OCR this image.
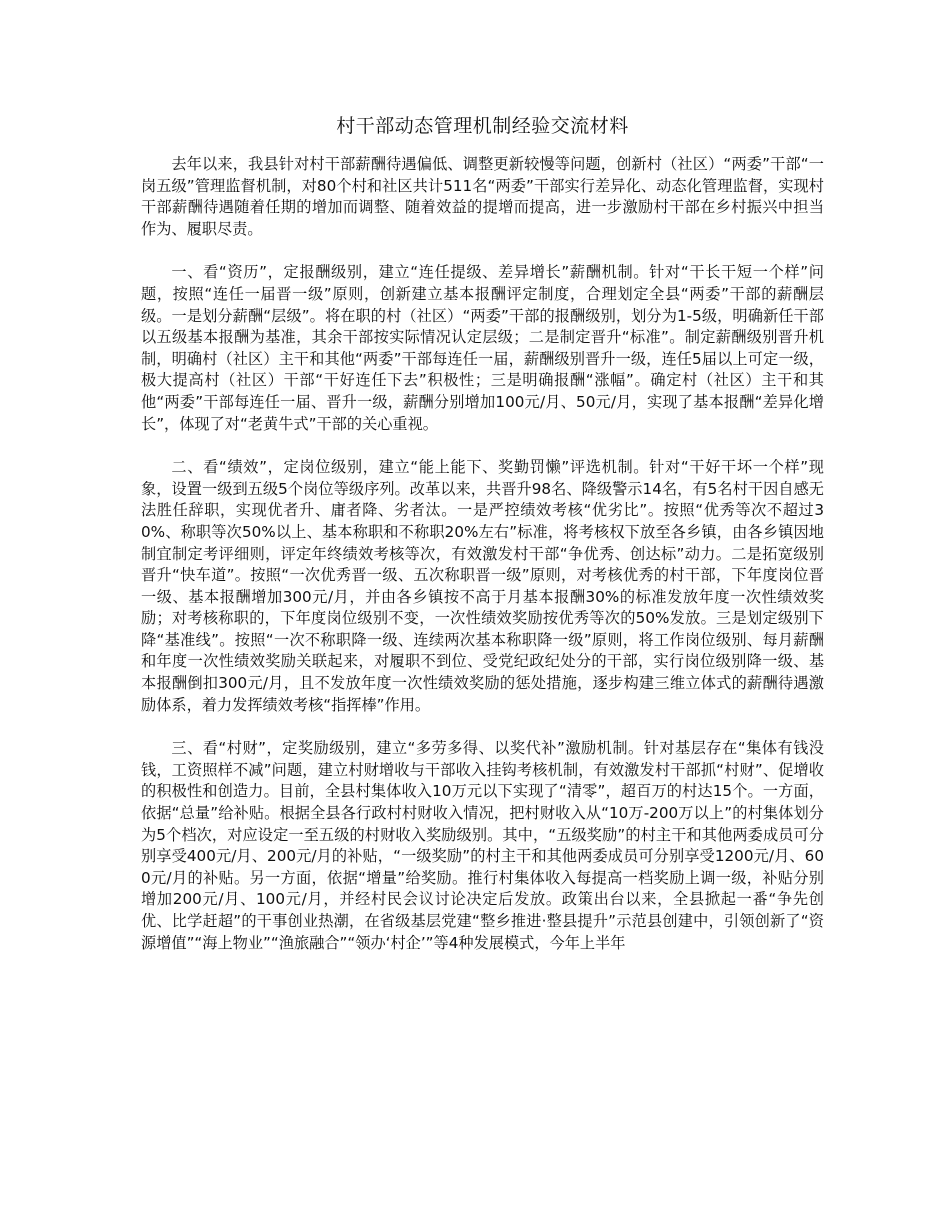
村干部动态管理机制经验交流材料

去年以来，我县针对村干部薪酬待遇偏低、调整更新较慢等问题，创新村（社区）“两委”干部“一岗五级”管理监督机制，对80个村和社区共计511名“两委”干部实行差异化、动态化管理监督，实现村干部薪酬待遇随着任期的增加而调整、随着效益的提增而提高，进一步激励村干部在乡村振兴中担当作为、履职尽责。

一、看“资历”，定报酬级别，建立“连任提级、差异增长”薪酬机制。针对“干长干短一个样”问题，按照“连任一届晋一级”原则，创新建立基本报酬评定制度，合理划定全县“两委”干部的薪酬层级。一是划分薪酬“层级”。将在职的村（社区）“两委”干部的报酬级别，划分为1-5级，明确新任干部以五级基本报酬为基准，其余干部按实际情况认定层级；二是制定晋升“标准”。制定薪酬级别晋升机制，明确村（社区）主干和其他“两委”干部每连任一届，薪酬级别晋升一级，连任5届以上可定一级，极大提高村（社区）干部“干好连任下去”积极性；三是明确报酬“涨幅”。确定村（社区）主干和其他“两委”干部每连任一届、晋升一级，薪酬分别增加100元/月、50元/月，实现了基本报酬“差异化增长”，体现了对“老黄牛式”干部的关心重视。

二、看“绩效”，定岗位级别，建立“能上能下、奖勤罚懒”评选机制。针对“干好干坏一个样”现象，设置一级到五级5个岗位等级序列。改革以来，共晋升98名、降级警示14名，有5名村干因自感无法胜任辞职，实现优者升、庸者降、劣者汰。一是严控绩效考核“优劣比”。按照“优秀等次不超过30%、称职等次50%以上、基本称职和不称职20%左右”标准，将考核权下放至各乡镇，由各乡镇因地制宜制定考评细则，评定年终绩效考核等次，有效激发村干部“争优秀、创达标”动力。二是拓宽级别晋升“快车道”。按照“一次优秀晋一级、五次称职晋一级”原则，对考核优秀的村干部，下年度岗位晋一级、基本报酬增加300元/月，并由各乡镇按不高于月基本报酬30%的标准发放年度一次性绩效奖励；对考核称职的，下年度岗位级别不变，一次性绩效奖励按优秀等次的50%发放。三是划定级别下降“基准线”。按照“一次不称职降一级、连续两次基本称职降一级”原则，将工作岗位级别、每月薪酬和年度一次性绩效奖励关联起来，对履职不到位、受党纪政纪处分的干部，实行岗位级别降一级、基本报酬倒扣300元/月，且不发放年度一次性绩效奖励的惩处措施，逐步构建三维立体式的薪酬待遇激励体系，着力发挥绩效考核“指挥棒”作用。

三、看“村财”，定奖励级别，建立“多劳多得、以奖代补”激励机制。针对基层存在“集体有钱没钱，工资照样不减”问题，建立村财增收与干部收入挂钩考核机制，有效激发村干部抓“村财”、促增收的积极性和创造力。目前，全县村集体收入10万元以下实现了“清零”，超百万的村达15个。一方面，依据“总量”给补贴。根据全县各行政村村财收入情况，把村财收入从“10万-200万以上”的村集体划分为5个档次，对应设定一至五级的村财收入奖励级别。其中，“五级奖励”的村主干和其他两委成员可分别享受400元/月、200元/月的补贴，“一级奖励”的村主干和其他两委成员可分别享受1200元/月、600元/月的补贴。另一方面，依据“增量”给奖励。推行村集体收入每提高一档奖励上调一级，补贴分别增加200元/月、100元/月，并经村民会议讨论决定后发放。政策出台以来，全县掀起一番“争先创优、比学赶超”的干事创业热潮，在省级基层党建“整乡推进·整县提升”示范县创建中，引领创新了“资源增值”“海上物业”“渔旅融合”“领办‘村企’”等4种发展模式，今年上半年
